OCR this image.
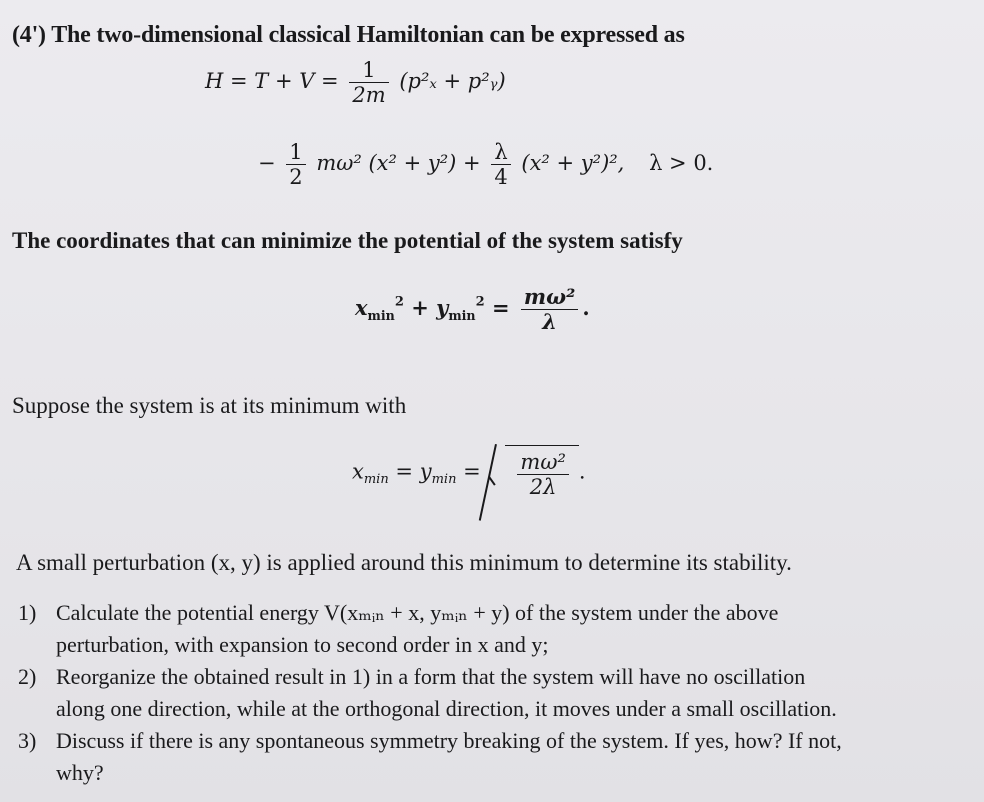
(4') The two-dimensional classical Hamiltonian can be expressed as
$H = T + V = \frac{1}{2m} (p^2_x$ + p²ᵧ)
− $\frac{1}{2} m\omega^2$ $(x^2 + y^2) + \frac{\lambda}{4} (x^2 + y^2)^2$, λ > 0.
The coordinates that can minimize the potential of the system satisfy
$x_{min}^2 + y_{min}^2 = \frac{\text{mω²}}{\lambda}$ .
Suppose the system is at its minimum with
$x_{min} = y_{min} = \frac{\text{mω²}}{2\lambda}$ .
A small perturbation (x, y) is applied around this minimum to determine its stability.
1) Calculate the potential energy V(xₘᵢₙ + x, yₘᵢₙ + y) of the system under the above
perturbation, with expansion to second order in x and y;
2) Reorganize the obtained result in 1) in a form that the system will have no oscillation
along one direction, while at the orthogonal direction, it moves under a small oscillation.
3) Discuss if there is any spontaneous symmetry breaking of the system. If yes, how? If not,
why?
